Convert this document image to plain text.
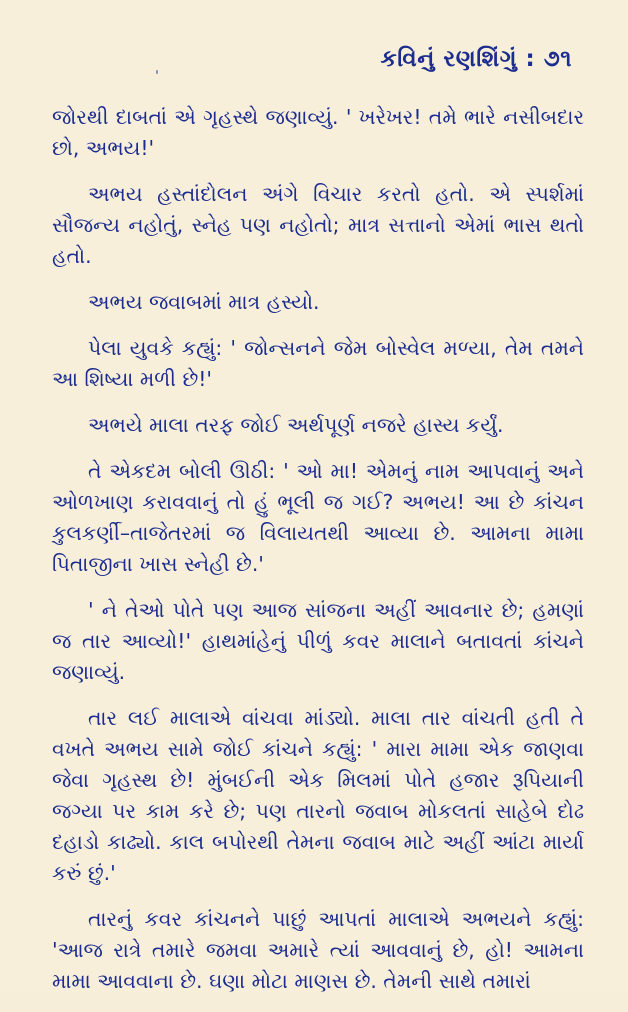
કવિનું રણશિંગું : ૭૧

જોરથી દાબતાં એ ગૃહસ્થે જણાવ્યું. ' ખરેખર! તમે ભારે નસીબદાર છો, અભય!'

અભય હસ્તાંદોલન અંગે વિચાર કરતો હતો. એ સ્પર્શમાં સૌજન્ય નહોતું, સ્નેહ પણ નહોતો; માત્ર સત્તાનો એમાં ભાસ થતો હતો.

અભય જવાબમાં માત્ર હસ્યો.

પેલા યુવકે કહ્યું: ' જોન્સનને જેમ બોસ્વેલ મળ્યા, તેમ તમને આ શિષ્યા મળી છે!'

અભયે માલા તરફ જોઈ અર્થપૂર્ણ નજરે હાસ્ય કર્યું.

તે એકદમ બોલી ઊઠી: ' ઓ મા! એમનું નામ આપવાનું અને ઓળખાણ કરાવવાનું તો હું ભૂલી જ ગઈ? અભય! આ છે કાંચન કુલકર્ણી–તાજેતરમાં જ વિલાયતથી આવ્યા છે. આમના મામા પિતાજીના ખાસ સ્નેહી છે.'

' ને તેઓ પોતે પણ આજ સાંજના અહીં આવનાર છે; હમણાં જ તાર આવ્યો!' હાથમાંહેનું પીળું કવર માલાને બતાવતાં કાંચને જણાવ્યું.

તાર લઈ માલાએ વાંચવા માંડ્યો. માલા તાર વાંચતી હતી તે વખતે અભય સામે જોઈ કાંચને કહ્યું: ' મારા મામા એક જાણવા જેવા ગૃહસ્થ છે! મુંબઈની એક મિલમાં પોતે હજાર રૂપિયાની જગ્યા પર કામ કરે છે; પણ તારનો જવાબ મોકલતાં સાહેબે દોઢ દહાડો કાઢ્યો. કાલ બપોરથી તેમના જવાબ માટે અહીં આંટા માર્યા કરું છું.'

તારનું કવર કાંચનને પાછું આપતાં માલાએ અભયને કહ્યું: 'આજ રાત્રે તમારે જમવા અમારે ત્યાં આવવાનું છે, હો! આમના મામા આવવાના છે. ઘણા મોટા માણસ છે. તેમની સાથે તમારાં
